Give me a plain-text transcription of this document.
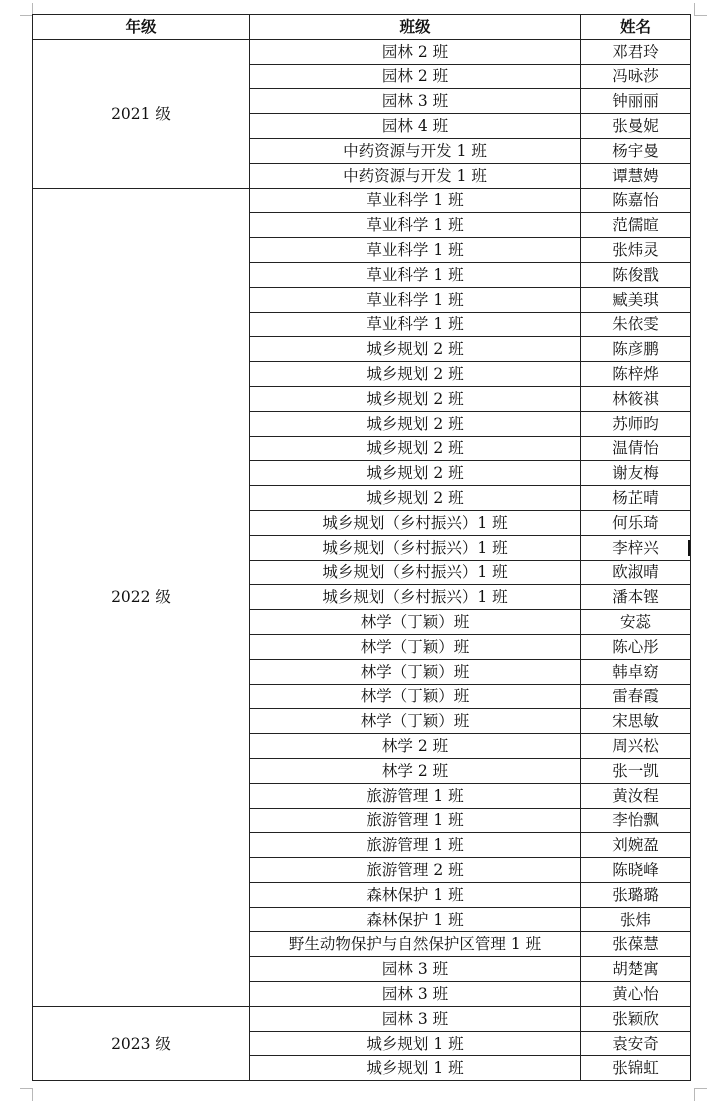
年级	班级	姓名
2021 级	园林 2 班	邓君玲
	园林 2 班	冯咏莎
	园林 3 班	钟丽丽
	园林 4 班	张曼妮
	中药资源与开发 1 班	杨宇曼
	中药资源与开发 1 班	谭慧娉
2022 级	草业科学 1 班	陈嘉怡
	草业科学 1 班	范儒暄
	草业科学 1 班	张炜灵
	草业科学 1 班	陈俊戬
	草业科学 1 班	臧美琪
	草业科学 1 班	朱依雯
	城乡规划 2 班	陈彦鹏
	城乡规划 2 班	陈梓烨
	城乡规划 2 班	林筱祺
	城乡规划 2 班	苏师昀
	城乡规划 2 班	温倩怡
	城乡规划 2 班	谢友梅
	城乡规划 2 班	杨芷晴
	城乡规划（乡村振兴）1 班	何乐琦
	城乡规划（乡村振兴）1 班	李梓兴
	城乡规划（乡村振兴）1 班	欧淑晴
	城乡规划（乡村振兴）1 班	潘本铿
	林学（丁颖）班	安蕊
	林学（丁颖）班	陈心彤
	林学（丁颖）班	韩卓窈
	林学（丁颖）班	雷春霞
	林学（丁颖）班	宋思敏
	林学 2 班	周兴松
	林学 2 班	张一凯
	旅游管理 1 班	黄汝程
	旅游管理 1 班	李怡飘
	旅游管理 1 班	刘婉盈
	旅游管理 2 班	陈晓峰
	森林保护 1 班	张璐璐
	森林保护 1 班	张炜
	野生动物保护与自然保护区管理 1 班	张葆慧
	园林 3 班	胡楚寓
	园林 3 班	黄心怡
2023 级	园林 3 班	张颖欣
	城乡规划 1 班	袁安奇
	城乡规划 1 班	张锦虹
